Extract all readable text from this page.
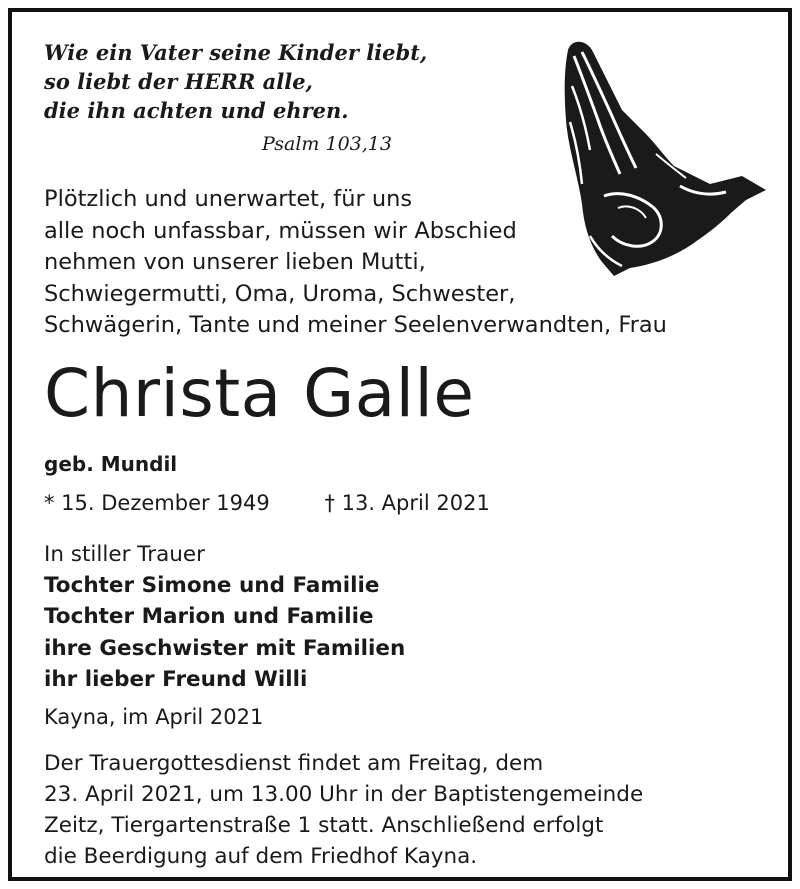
Wie ein Vater seine Kinder liebt,
so liebt der HERR alle,
die ihn achten und ehren.
Psalm 103,13
Plötzlich und unerwartet, für uns
alle noch unfassbar, müssen wir Abschied
nehmen von unserer lieben Mutti,
Schwiegermutti, Oma, Uroma, Schwester,
Schwägerin, Tante und meiner Seelenverwandten, Frau
Christa Galle
geb. Mundil
* 15. Dezember 1949	† 13. April 2021
In stiller Trauer
Tochter Simone und Familie
Tochter Marion und Familie
ihre Geschwister mit Familien
ihr lieber Freund Willi
Kayna, im April 2021
Der Trauergottesdienst findet am Freitag, dem
23. April 2021, um 13.00 Uhr in der Baptistengemeinde
Zeitz, Tiergartenstraße 1 statt. Anschließend erfolgt
die Beerdigung auf dem Friedhof Kayna.
